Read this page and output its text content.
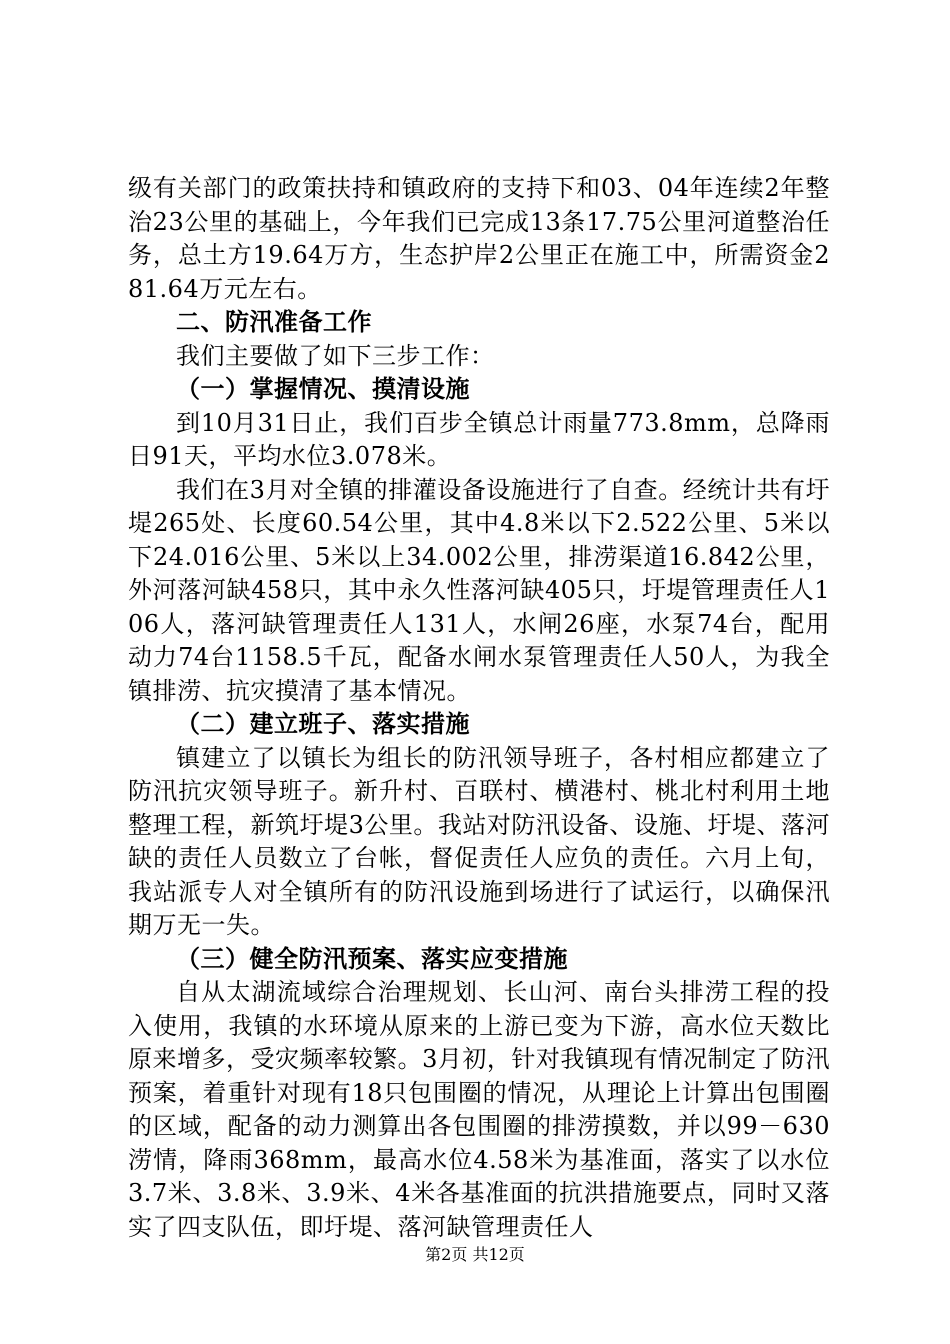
级有关部门的政策扶持和镇政府的支持下和03、04年连续2年整治23公里的基础上，今年我们已完成13条17.75公里河道整治任务，总土方19.64万方，生态护岸2公里正在施工中，所需资金281.64万元左右。

二、防汛准备工作

我们主要做了如下三步工作：

（一）掌握情况、摸清设施

到10月31日止，我们百步全镇总计雨量773.8mm，总降雨日91天，平均水位3.078米。

我们在3月对全镇的排灌设备设施进行了自查。经统计共有圩堤265处、长度60.54公里，其中4.8米以下2.522公里、5米以下24.016公里、5米以上34.002公里，排涝渠道16.842公里，外河落河缺458只，其中永久性落河缺405只，圩堤管理责任人106人，落河缺管理责任人131人，水闸26座，水泵74台，配用动力74台1158.5千瓦，配备水闸水泵管理责任人50人，为我全镇排涝、抗灾摸清了基本情况。

（二）建立班子、落实措施

镇建立了以镇长为组长的防汛领导班子，各村相应都建立了防汛抗灾领导班子。新升村、百联村、横港村、桃北村利用土地整理工程，新筑圩堤3公里。我站对防汛设备、设施、圩堤、落河缺的责任人员数立了台帐，督促责任人应负的责任。六月上旬，我站派专人对全镇所有的防汛设施到场进行了试运行，以确保汛期万无一失。

（三）健全防汛预案、落实应变措施

自从太湖流域综合治理规划、长山河、南台头排涝工程的投入使用，我镇的水环境从原来的上游已变为下游，高水位天数比原来增多，受灾频率较繁。3月初，针对我镇现有情况制定了防汛预案，着重针对现有18只包围圈的情况，从理论上计算出包围圈的区域，配备的动力测算出各包围圈的排涝摸数，并以99－630涝情，降雨368mm，最高水位4.58米为基准面，落实了以水位3.7米、3.8米、3.9米、4米各基准面的抗洪措施要点，同时又落实了四支队伍，即圩堤、落河缺管理责任人

第2页 共12页
